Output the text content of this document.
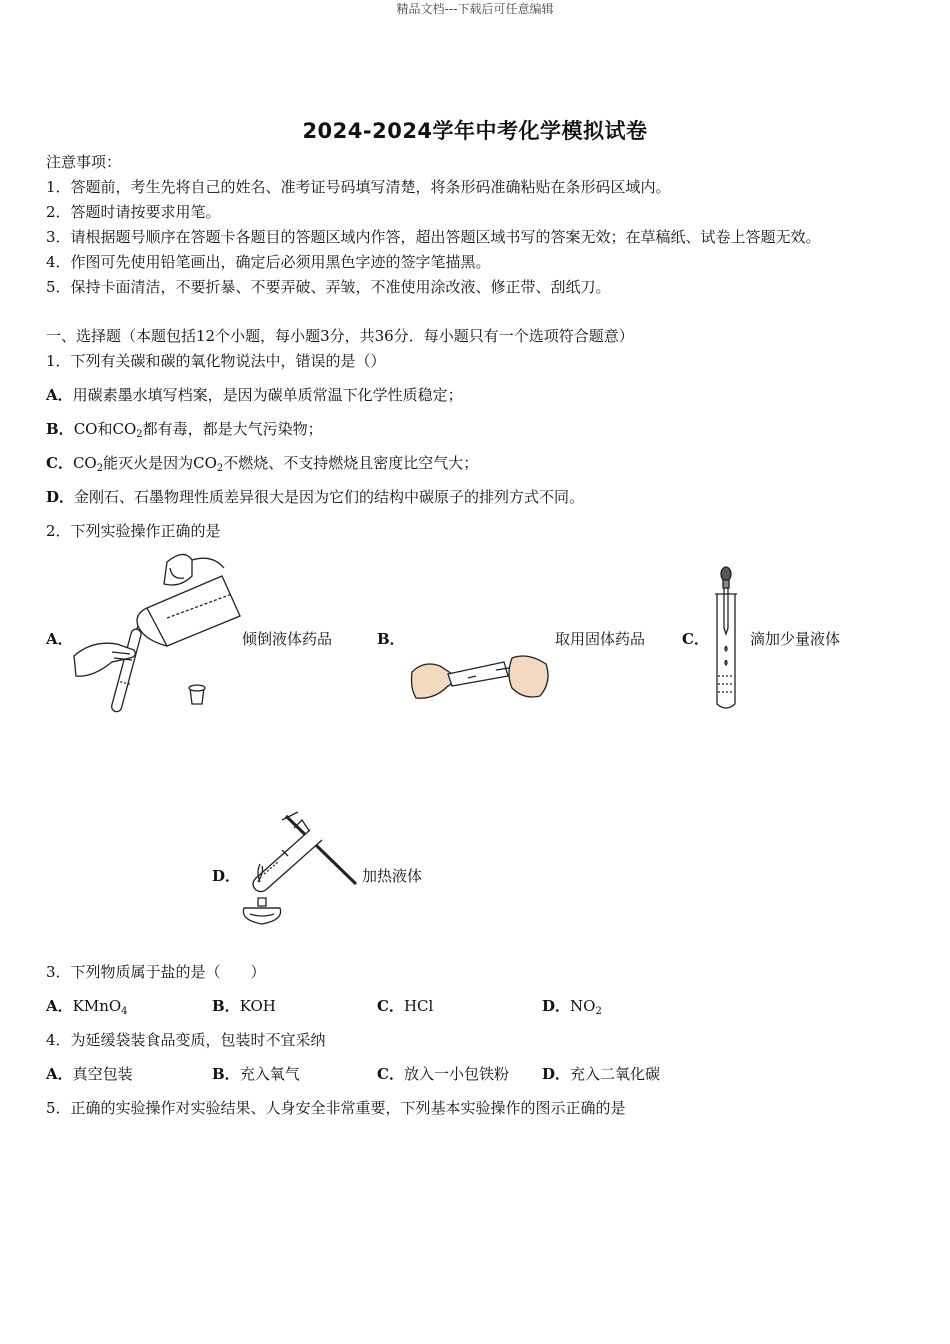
精品文档---下载后可任意编辑
2024-2024学年中考化学模拟试卷
注意事项：
1．答题前，考生先将自己的姓名、准考证号码填写清楚，将条形码准确粘贴在条形码区域内。
2．答题时请按要求用笔。
3．请根据题号顺序在答题卡各题目的答题区域内作答，超出答题区域书写的答案无效；在草稿纸、试卷上答题无效。
4．作图可先使用铅笔画出，确定后必须用黑色字迹的签字笔描黑。
5．保持卡面清洁，不要折暴、不要弄破、弄皱，不准使用涂改液、修正带、刮纸刀。
一、选择题（本题包括12个小题，每小题3分，共36分．每小题只有一个选项符合题意）
1．下列有关碳和碳的氧化物说法中，错误的是（）
A．用碳素墨水填写档案，是因为碳单质常温下化学性质稳定；
B．CO和$CO_2$都有毒，都是大气污染物；
C．$CO_2$能灭火是因为$CO_2$不燃烧、不支持燃烧且密度比空气大；
D．金刚石、石墨物理性质差异很大是因为它们的结构中碳原子的排列方式不同。
2．下列实验操作正确的是
A．	倾倒液体药品	B．	取用固体药品 C．	滴加少量液体
D．	加热液体
3．下列物质属于盐的是（　　）
A．KMnO$_4$	B．KOH	C．HCl	D．$NO_2$
4．为延缓袋装食品变质，包装时不宜采纳
A．真空包装	B．充入氧气	C．放入一小包铁粉 D．充入二氧化碳
5．正确的实验操作对实验结果、人身安全非常重要，下列基本实验操作的图示正确的是
